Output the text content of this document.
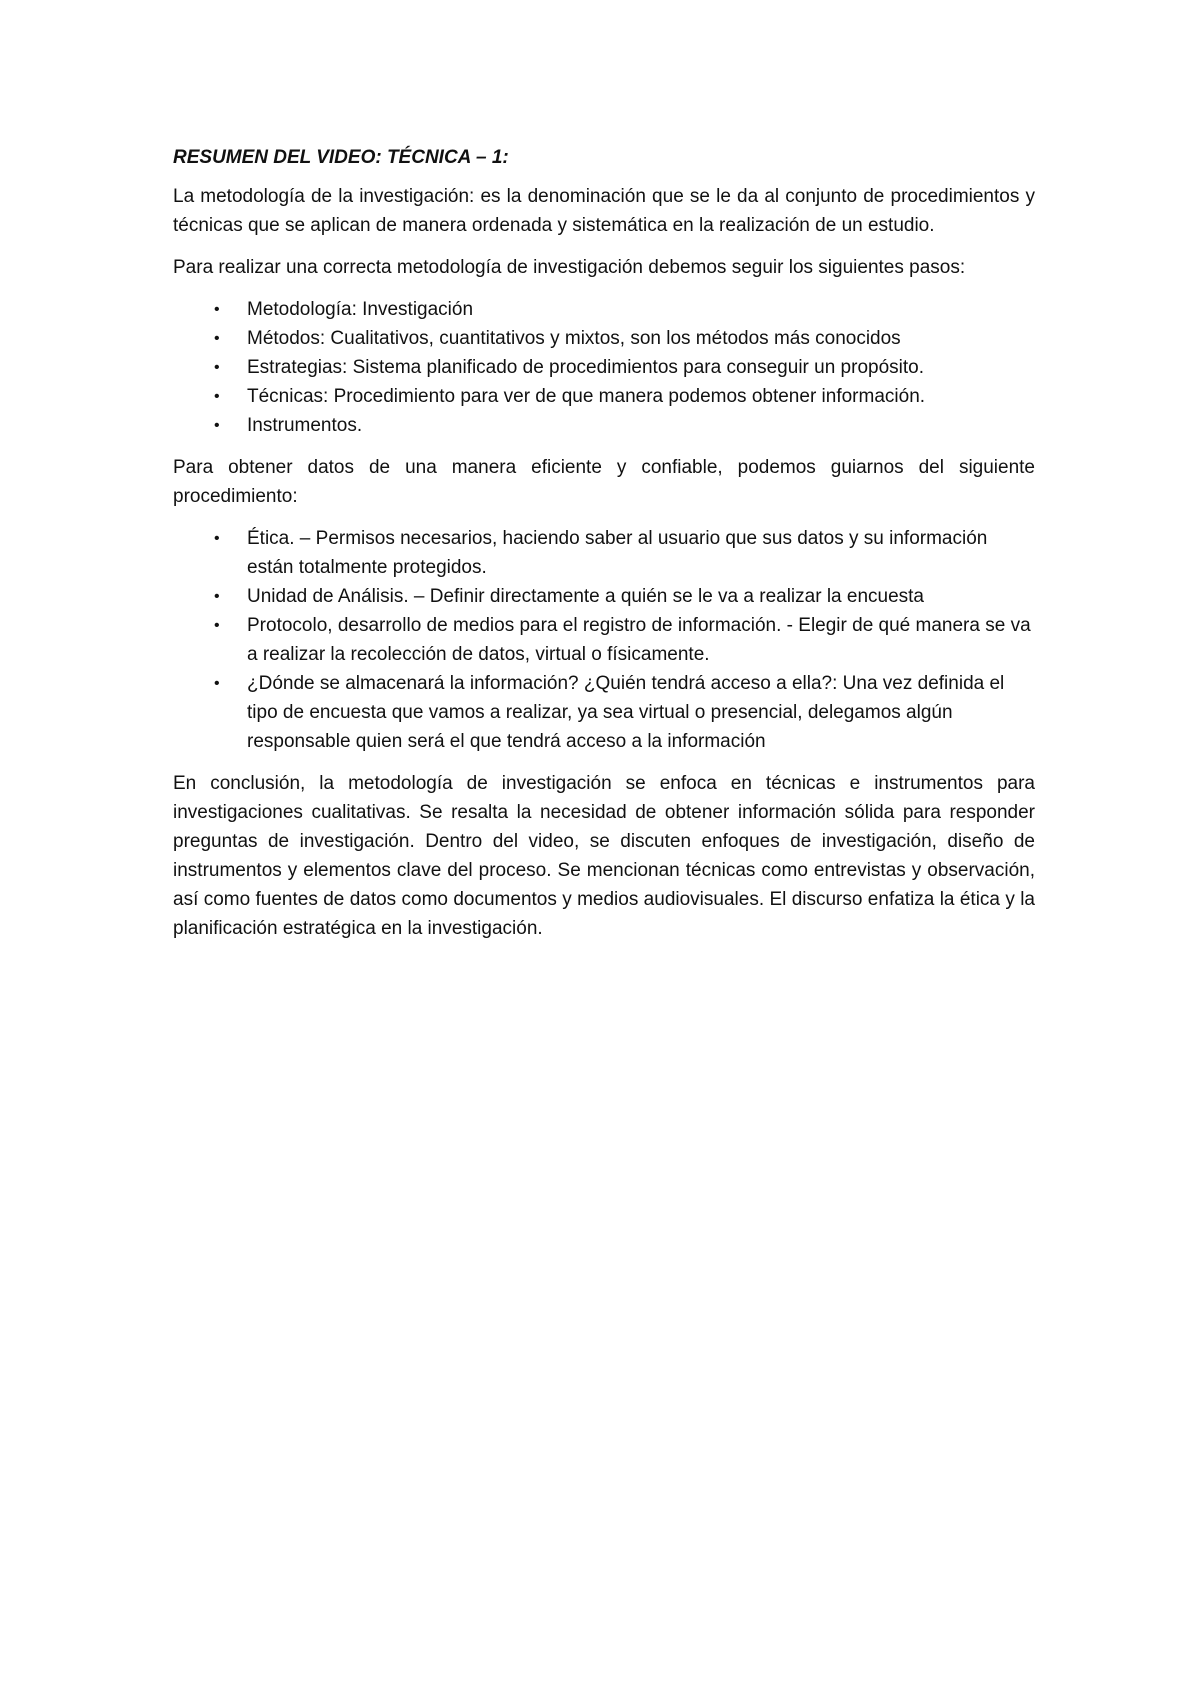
RESUMEN DEL VIDEO: TÉCNICA – 1:

La metodología de la investigación: es la denominación que se le da al conjunto de procedimientos y técnicas que se aplican de manera ordenada y sistemática en la realización de un estudio.

Para realizar una correcta metodología de investigación debemos seguir los siguientes pasos:

• Metodología: Investigación
• Métodos: Cualitativos, cuantitativos y mixtos, son los métodos más conocidos
• Estrategias: Sistema planificado de procedimientos para conseguir un propósito.
• Técnicas: Procedimiento para ver de que manera podemos obtener información.
• Instrumentos.

Para obtener datos de una manera eficiente y confiable, podemos guiarnos del siguiente procedimiento:

• Ética. – Permisos necesarios, haciendo saber al usuario que sus datos y su información están totalmente protegidos.
• Unidad de Análisis. – Definir directamente a quién se le va a realizar la encuesta
• Protocolo, desarrollo de medios para el registro de información. - Elegir de qué manera se va a realizar la recolección de datos, virtual o físicamente.
• ¿Dónde se almacenará la información? ¿Quién tendrá acceso a ella?: Una vez definida el tipo de encuesta que vamos a realizar, ya sea virtual o presencial, delegamos algún responsable quien será el que tendrá acceso a la información

En conclusión, la metodología de investigación se enfoca en técnicas e instrumentos para investigaciones cualitativas. Se resalta la necesidad de obtener información sólida para responder preguntas de investigación. Dentro del video, se discuten enfoques de investigación, diseño de instrumentos y elementos clave del proceso. Se mencionan técnicas como entrevistas y observación, así como fuentes de datos como documentos y medios audiovisuales. El discurso enfatiza la ética y la planificación estratégica en la investigación.
